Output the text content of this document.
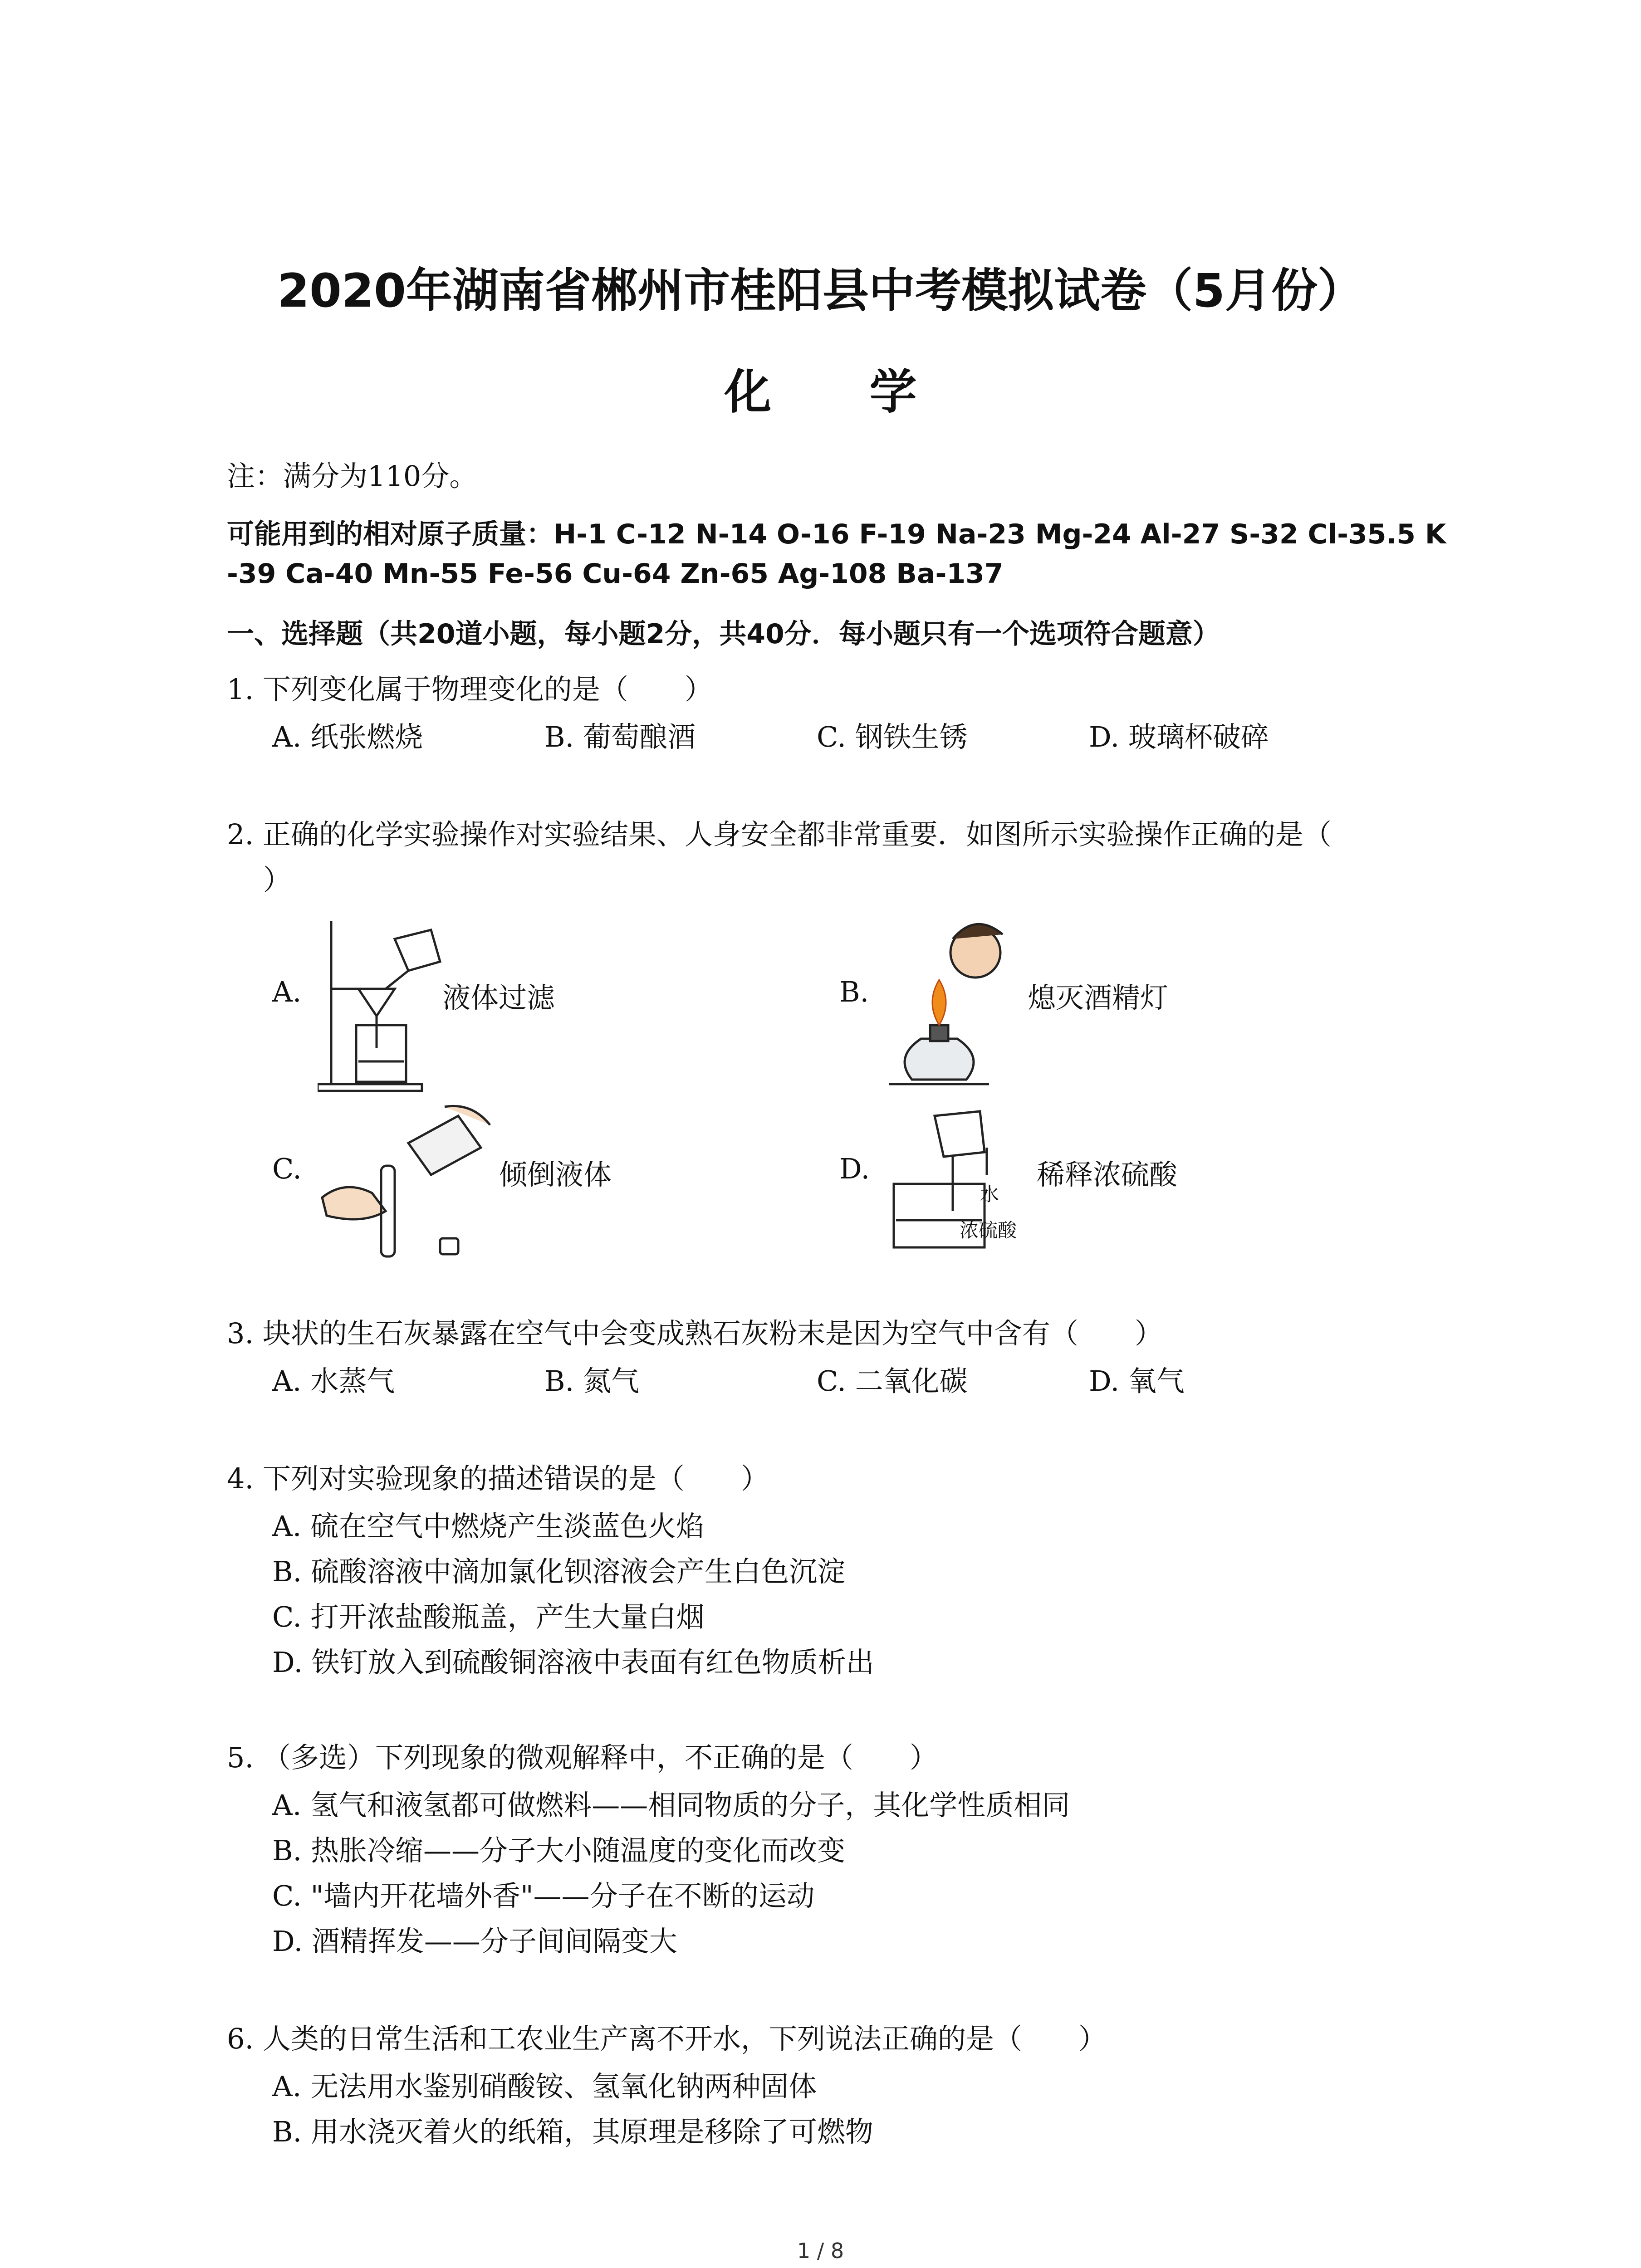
2020年湖南省郴州市桂阳县中考模拟试卷（5月份）
化 学
注：满分为110分。
可能用到的相对原子质量：H-1 C-12 N-14 O-16 F-19 Na-23 Mg-24 Al-27 S-32 Cl-35.5 K
-39 Ca-40 Mn-55 Fe-56 Cu-64 Zn-65 Ag-108 Ba-137
一、选择题（共20道小题，每小题2分，共40分．每小题只有一个选项符合题意）
1. 下列变化属于物理变化的是（　　）
A. 纸张燃烧	B. 葡萄酿酒	C. 钢铁生锈	D. 玻璃杯破碎
2. 正确的化学实验操作对实验结果、人身安全都非常重要．如图所示实验操作正确的是（
）
A.	液体过滤	B.	熄灭酒精灯
C.	倾倒液体	D.
水
浓硫酸
稀释浓硫酸
3. 块状的生石灰暴露在空气中会变成熟石灰粉末是因为空气中含有（　　）
A. 水蒸气	B. 氮气	C. 二氧化碳	D. 氧气
4. 下列对实验现象的描述错误的是（　　）
A. 硫在空气中燃烧产生淡蓝色火焰
B. 硫酸溶液中滴加氯化钡溶液会产生白色沉淀
C. 打开浓盐酸瓶盖，产生大量白烟
D. 铁钉放入到硫酸铜溶液中表面有红色物质析出
5. （多选）下列现象的微观解释中，不正确的是（　　）
A. 氢气和液氢都可做燃料——相同物质的分子，其化学性质相同
B. 热胀冷缩——分子大小随温度的变化而改变
C. "墙内开花墙外香"——分子在不断的运动
D. 酒精挥发——分子间间隔变大
6. 人类的日常生活和工农业生产离不开水，下列说法正确的是（　　）
A. 无法用水鉴别硝酸铵、氢氧化钠两种固体
B. 用水浇灭着火的纸箱，其原理是移除了可燃物
1 / 8
